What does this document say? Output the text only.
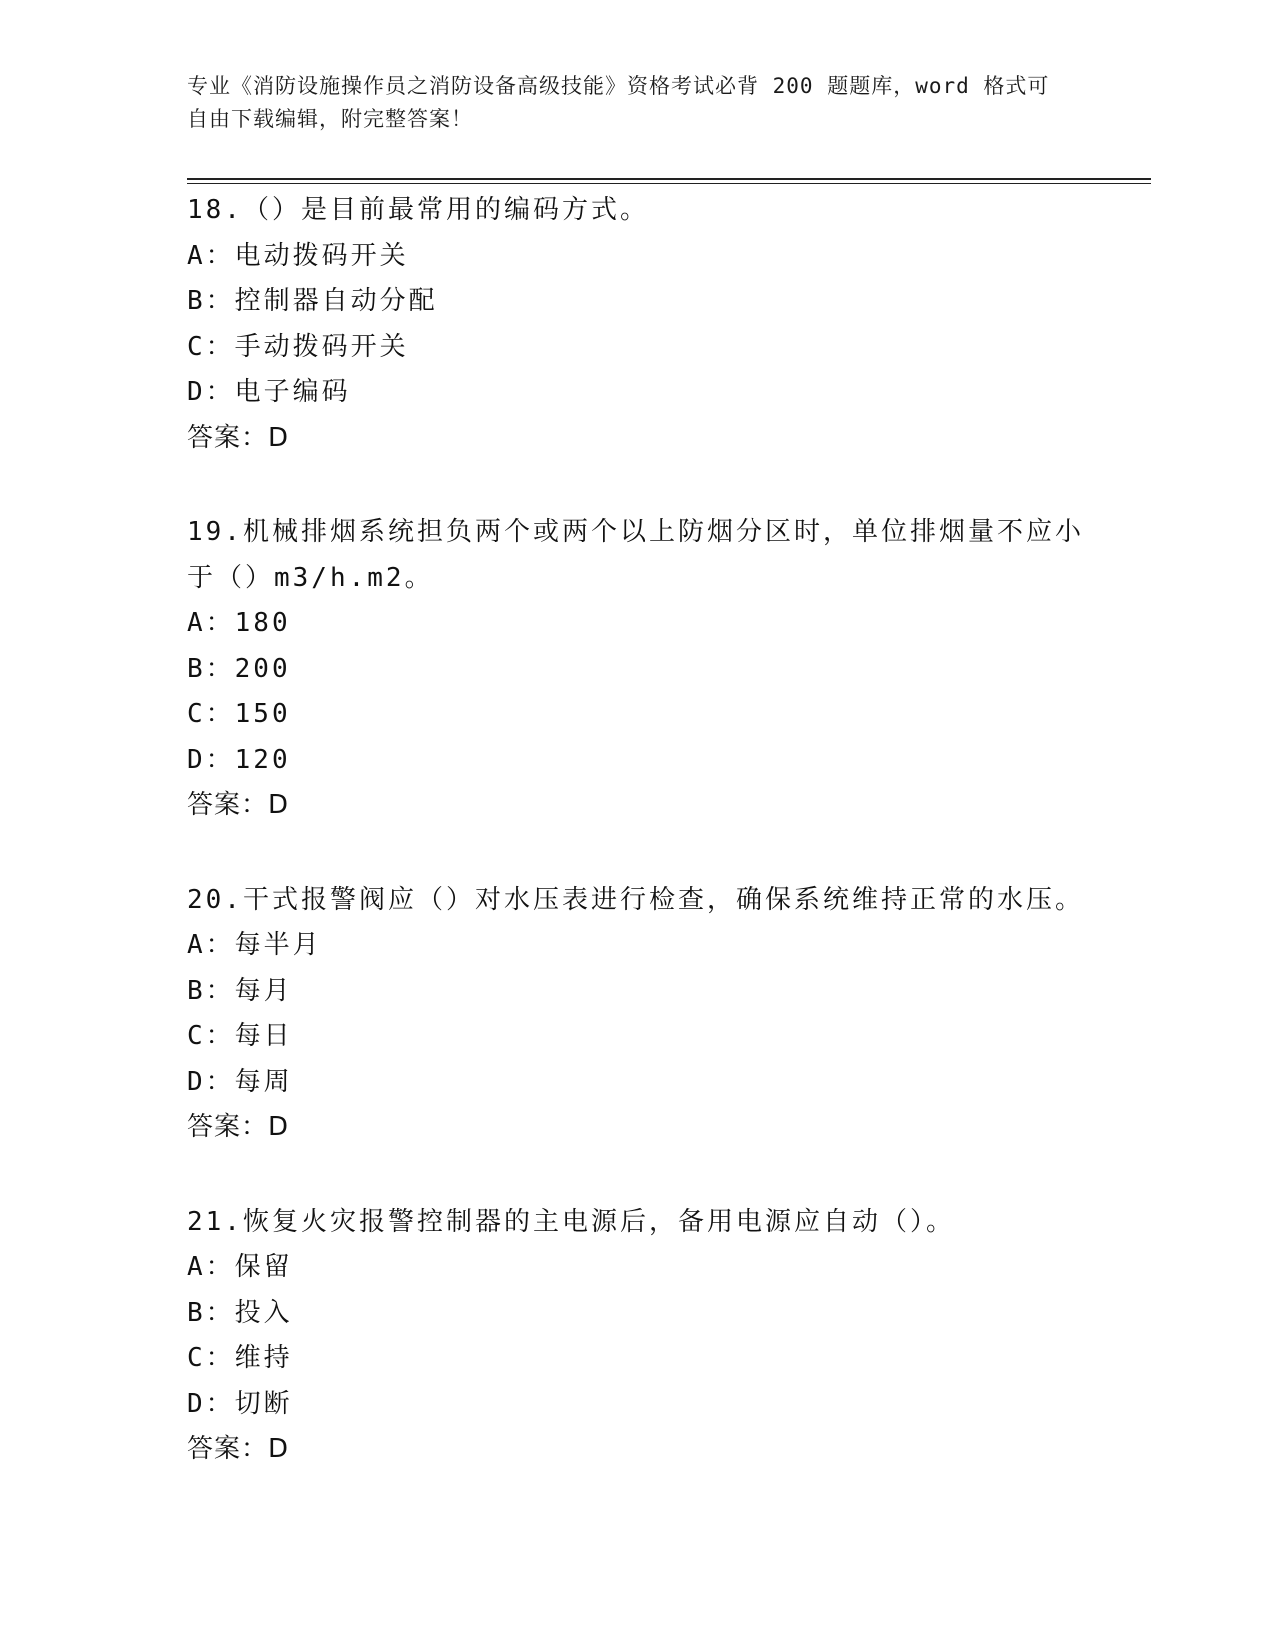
专业《消防设施操作员之消防设备高级技能》资格考试必背 200 题题库，word 格式可自由下载编辑，附完整答案！
18.（）是目前最常用的编码方式。
A：电动拨码开关
B：控制器自动分配
C：手动拨码开关
D：电子编码
答案：D
19.机械排烟系统担负两个或两个以上防烟分区时，单位排烟量不应小于（）m3/h.m2。
A：180
B：200
C：150
D：120
答案：D
20.干式报警阀应（）对水压表进行检查，确保系统维持正常的水压。
A：每半月
B：每月
C：每日
D：每周
答案：D
21.恢复火灾报警控制器的主电源后，备用电源应自动（）。
A：保留
B：投入
C：维持
D：切断
答案：D
